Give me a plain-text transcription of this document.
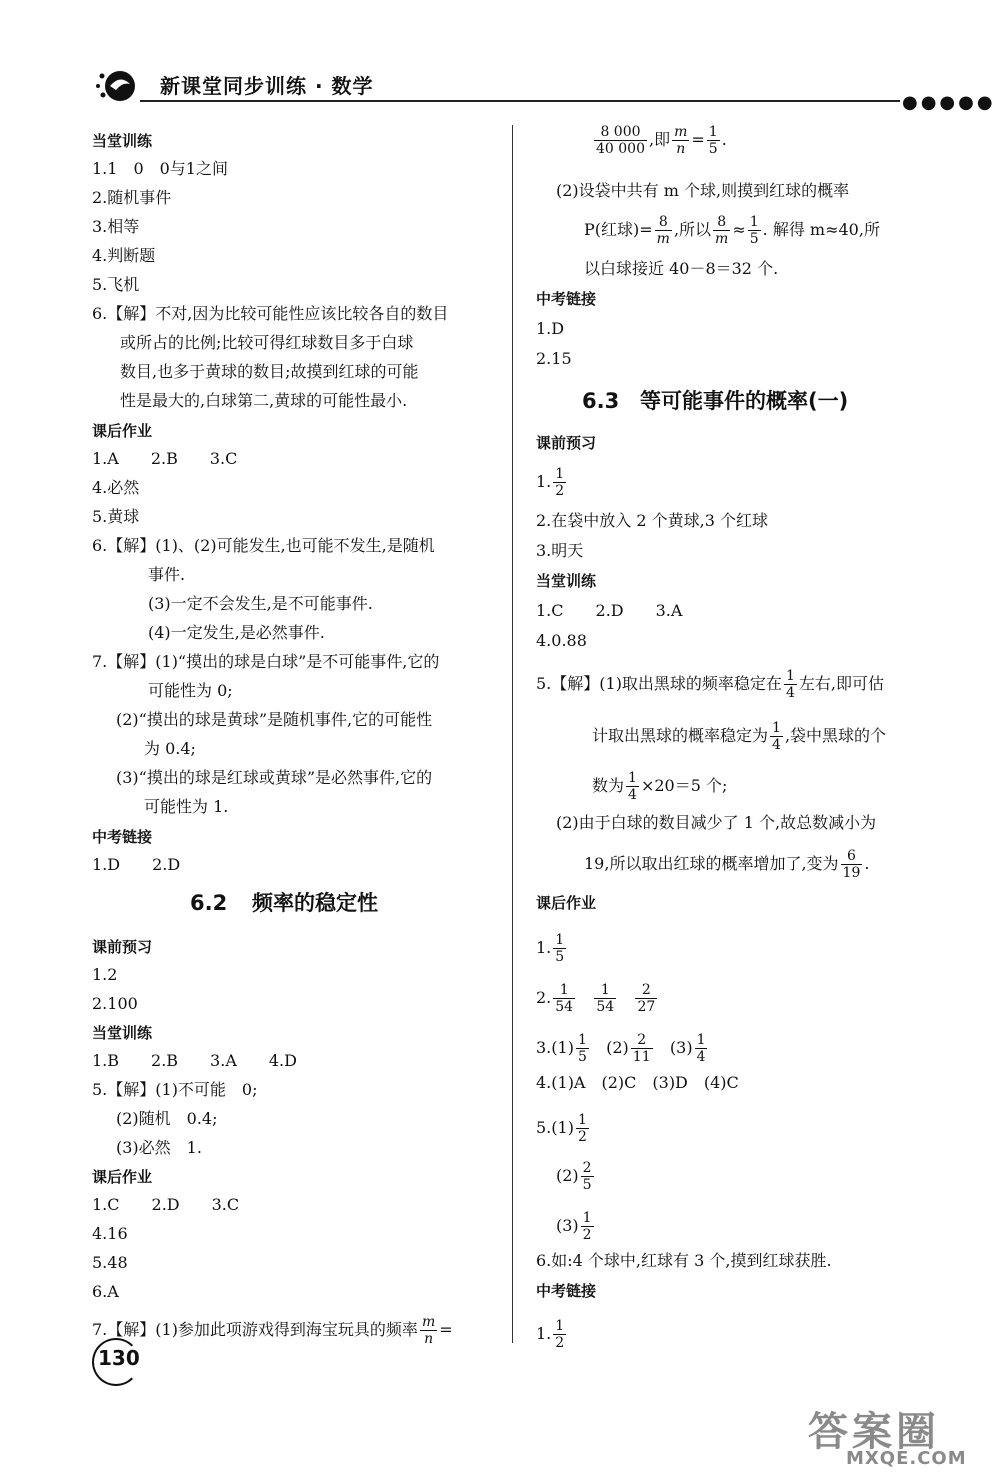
新课堂同步训练 · 数学
●●●●●
当堂训练
1.1　0　0与1之间
2.随机事件
3.相等
4.判断题
5.飞机
6.【解】不对,因为比较可能性应该比较各自的数目
或所占的比例;比较可得红球数目多于白球
数目,也多于黄球的数目;故摸到红球的可能
性是最大的,白球第二,黄球的可能性最小.
课后作业
1.A　　2.B　　3.C
4.必然
5.黄球
6.【解】(1)、(2)可能发生,也可能不发生,是随机
事件.
(3)一定不会发生,是不可能事件.
(4)一定发生,是必然事件.
7.【解】(1)“摸出的球是白球”是不可能事件,它的
可能性为 0;
(2)“摸出的球是黄球”是随机事件,它的可能性
为 0.4;
(3)“摸出的球是红球或黄球”是必然事件,它的
可能性为 1.
中考链接
1.D　　2.D
6.2 频率的稳定性
课前预习
1.2
2.100
当堂训练
1.B　　2.B　　3.A　　4.D
5.【解】(1)不可能　0;
(2)随机　0.4;
(3)必然　1.
课后作业
1.C　　2.D　　3.C
4.16
5.48
6.A
7.【解】(1)参加此项游戏得到海宝玩具的频率 $\frac{m}{n}$ =
$\frac{8 000}{40 000}$ ,即 $\frac{m}{n} = \frac{1}{5}$ .
(2)设袋中共有 m 个球,则摸到红球的概率
P(红球)= $\frac{8}{m}$ ,所以 $\frac{8}{m} \approx \frac{1}{5}$ . 解得 m≈40,所
以白球接近 40－8＝32 个.
中考链接
1.D
2.15
6.3 等可能事件的概率(一)
课前预习
1. $\frac{1}{2}$
2.在袋中放入 2 个黄球,3 个红球
3.明天
当堂训练
1.C　　2.D　　3.A
4.0.88
5.【解】(1)取出黑球的频率稳定在 $\frac{1}{4}$ 左右,即可估
计取出黑球的概率稳定为 $\frac{1}{4}$ ,袋中黑球的个
数为 $\frac{1}{4} \times 20=5$ 个;
(2)由于白球的数目减少了 1 个,故总数减小为
19,所以取出红球的概率增加了,变为 $\frac{6}{19}$ .
课后作业
1. $\frac{1}{5}$
2. $\frac{1}{54}$
$\frac{1}{54}$
$\frac{2}{27}$
$3.(1) \frac{1}{5} (2) \frac{2}{11} (3) \frac{1}{4}$
4.(1)A　(2)C　(3)D　(4)C
$5.(1) \frac{1}{2}$
$(2) \frac{2}{5}$
$(3) \frac{1}{2}$
6.如:4 个球中,红球有 3 个,摸到红球获胜.
中考链接
1. $\frac{1}{2}$
130
答案圈
MXQE.COM
